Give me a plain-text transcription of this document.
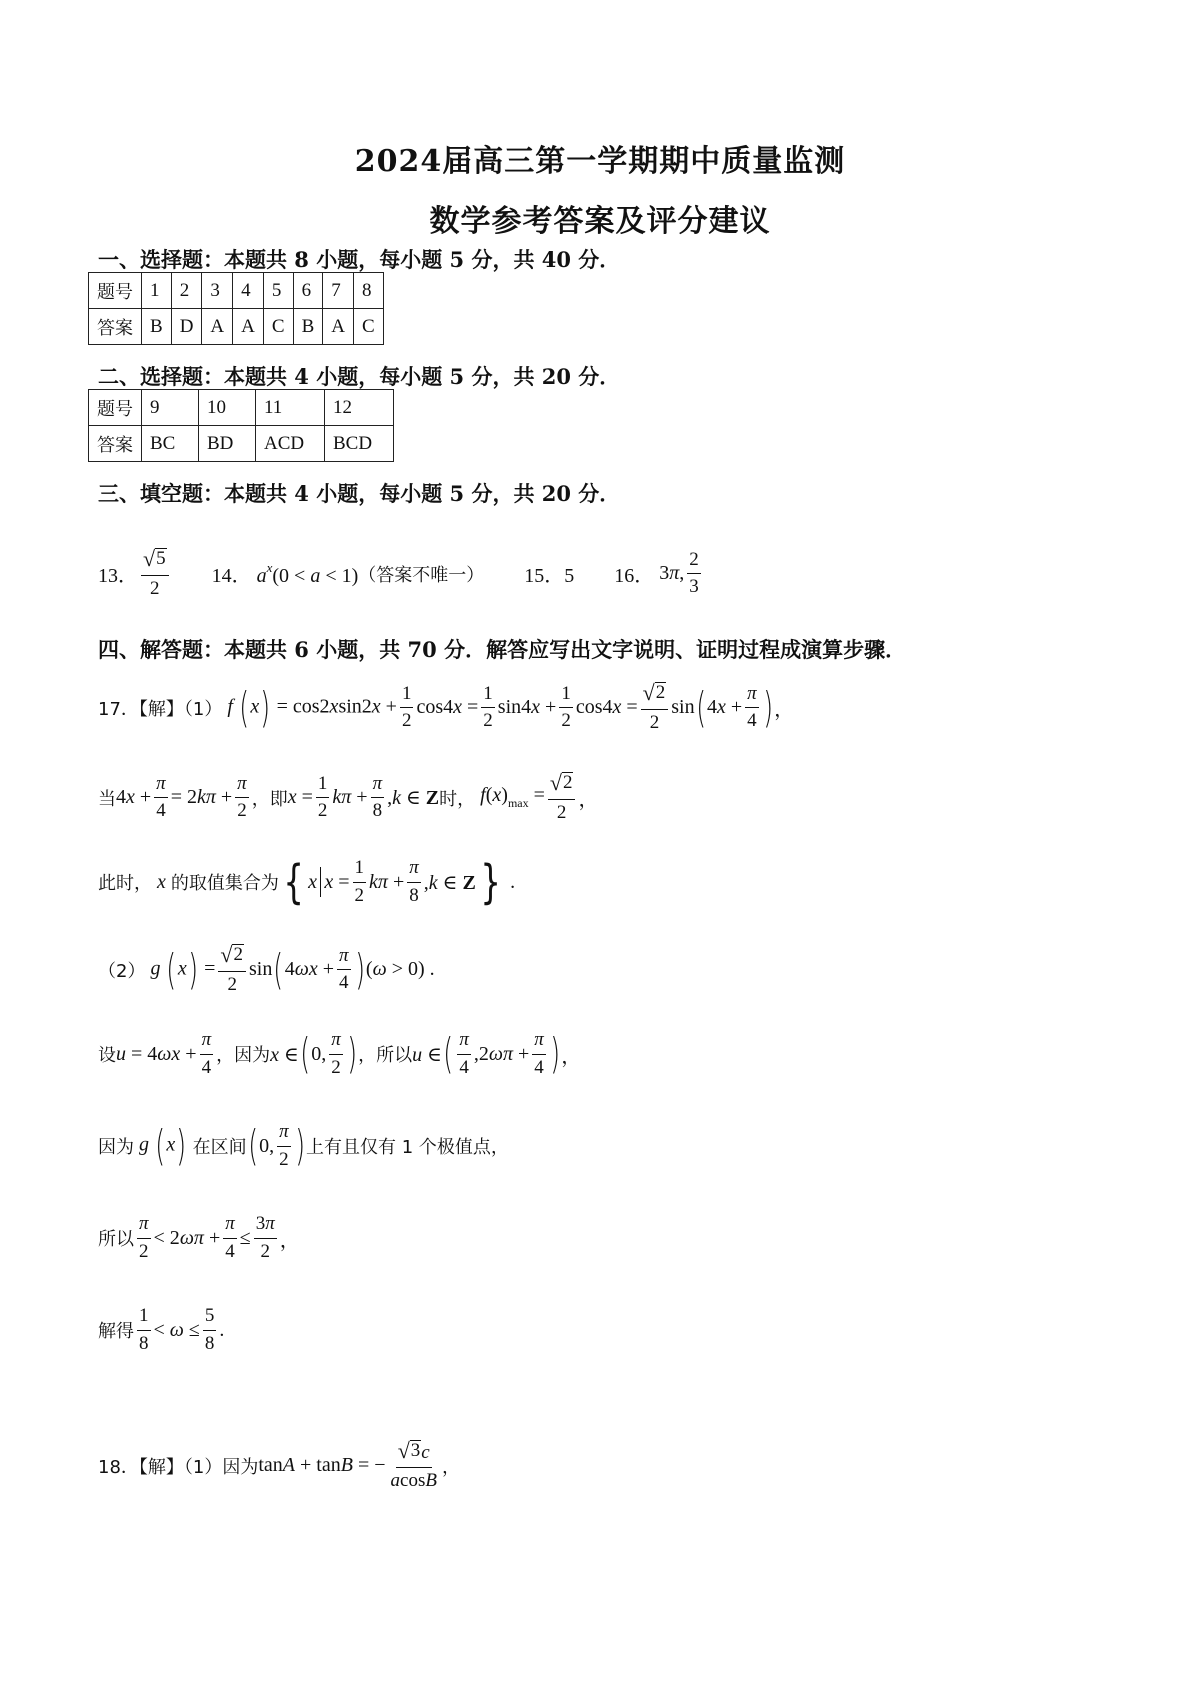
2024届高三第一学期期中质量监测
数学参考答案及评分建议
一、选择题：本题共 8 小题，每小题 5 分，共 40 分．
题号	1	2	3	4	5	6	7	8
答案	B	D	A	A	C	B	A	C
二、选择题：本题共 4 小题，每小题 5 分，共 20 分．
题号	9	10	11	12
答案	BC	BD	ACD	BCD
三、填空题：本题共 4 小题，每小题 5 分，共 20 分．
13． $\frac{√ 5}{2} 14$． $a^x(0 < a < 1)$ （答案不唯一） 15．5 16． 3π, $\frac{2}{3}$
四、解答题：本题共 6 小题，共 70 分．解答应写出文字说明、证明过程成演算步骤．
17．【解】（1） f $(x) = \cos 2xsin2x + \frac{1}{2} \cos 4x = \frac{1}{2} \sin 4x + \frac{1}{2} \cos 4x = \frac{√ 2}{2}$ sin ( $4x + \frac{\pi}{4}$ ) ，
当 $4x + \frac{\pi}{4} = 2k\pi + \frac{\pi}{2}$ ，即 $x = \frac{1}{2}$ $k\pi + \frac{\pi}{8} ,k$ ∈ Z 时， $f(x)_{max} = \frac{√ 2}{2}$ ，
此时， x 的取值集合为 { x $x = \frac{1}{2}$ $k\pi + \frac{\pi}{8} ,k$ ∈ Z } .
（2） g $(x) = \frac{√ 2}{2}$ sin ( $4\omega x + \frac{\pi}{4}$ ) (ω > 0) .
设 $u = 4\omega x + \frac{\pi}{4}$ ，因为 x ∈ ( 0, $\frac{\pi}{2}$ ) ，所以 u ∈ ( $\frac{\pi}{4} ,2\omega\pi + \frac{\pi}{4}$ ) ，
因为 g (x) 在区间 ( 0, $\frac{\pi}{2}$ ) 上有且仅有 1 个极值点，
所以 $\frac{\pi}{2} < 2\omega\pi + \frac{\pi}{4} \le \frac{3\pi}{2}$ ，
解得 $\frac{1}{8} < \omega \le \frac{5}{8}$ .
18．【解】（1）因为 tanA + tanB = − $\frac{√ 3 c}{acosB}$ ，
